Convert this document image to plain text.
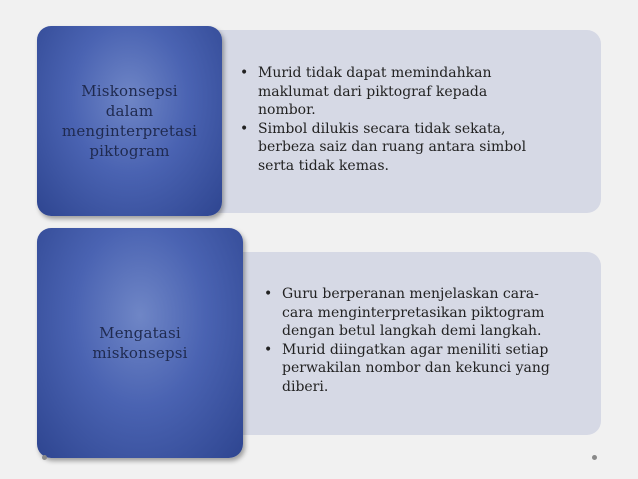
Miskonsepsi
dalam
menginterpretasi
piktogram
• Murid tidak dapat memindahkan
maklumat dari piktograf kepada
nombor.
• Simbol dilukis secara tidak sekata,
berbeza saiz dan ruang antara simbol
serta tidak kemas.
Mengatasi
miskonsepsi
• Guru berperanan menjelaskan cara-
cara menginterpretasikan piktogram
dengan betul langkah demi langkah.
• Murid diingatkan agar meniliti setiap
perwakilan nombor dan kekunci yang
diberi.
